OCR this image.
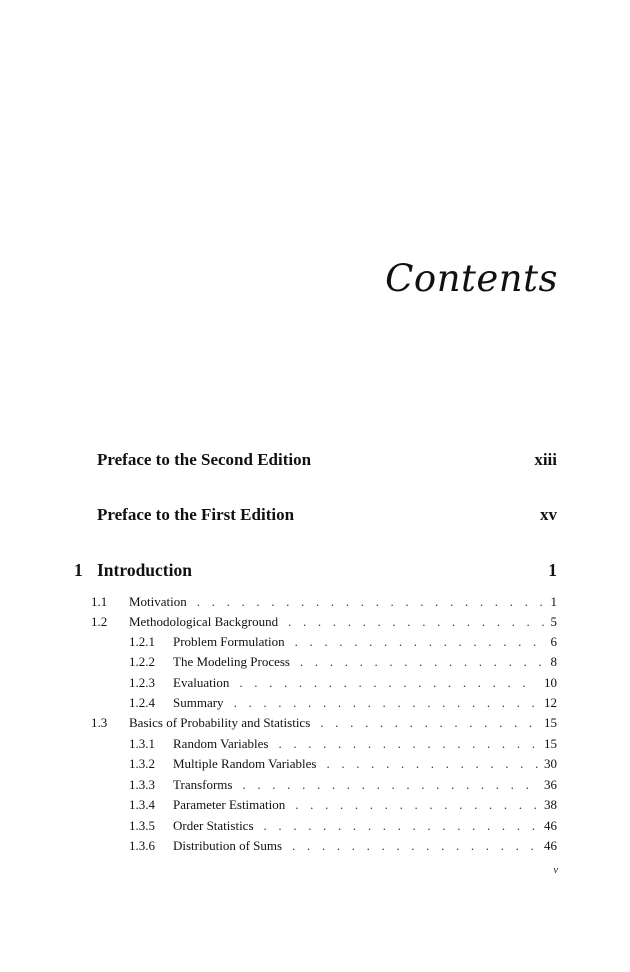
Contents
Preface to the Second Edition	xiii
Preface to the First Edition	xv
1 Introduction	1
1.1	Motivation . . .	1
1.2	Methodological Background . . .	5
1.2.1	Problem Formulation . . .	6
1.2.2	The Modeling Process . . .	8
1.2.3	Evaluation . . .	10
1.2.4	Summary . . .	12
1.3	Basics of Probability and Statistics . . .	15
1.3.1	Random Variables . . .	15
1.3.2	Multiple Random Variables . . .	30
1.3.3	Transforms . . .	36
1.3.4	Parameter Estimation . . .	38
1.3.5	Order Statistics . . .	46
1.3.6	Distribution of Sums . . .	46
v
